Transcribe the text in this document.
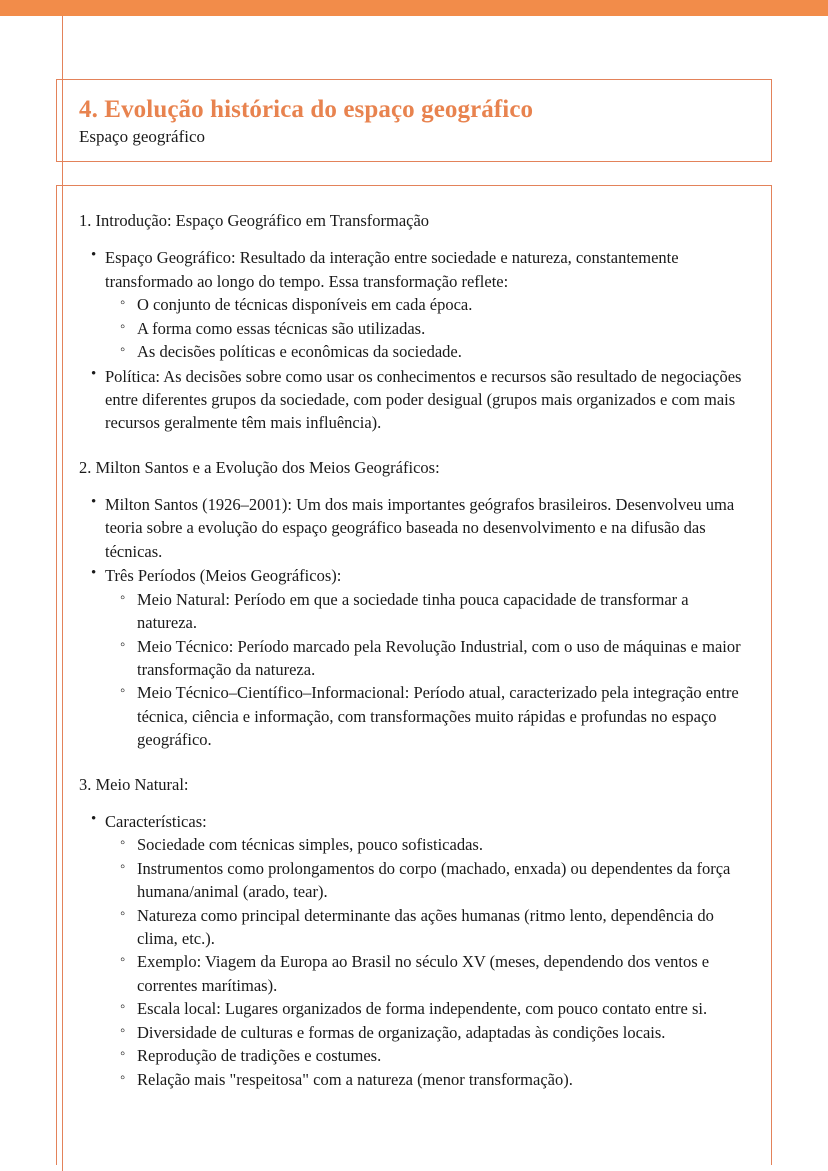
4. Evolução histórica do espaço geográfico
Espaço geográfico
1. Introdução: Espaço Geográfico em Transformação
• Espaço Geográfico: Resultado da interação entre sociedade e natureza, constantemente transformado ao longo do tempo. Essa transformação reflete:
◦ O conjunto de técnicas disponíveis em cada época.
◦ A forma como essas técnicas são utilizadas.
◦ As decisões políticas e econômicas da sociedade.
• Política: As decisões sobre como usar os conhecimentos e recursos são resultado de negociações entre diferentes grupos da sociedade, com poder desigual (grupos mais organizados e com mais recursos geralmente têm mais influência).
2. Milton Santos e a Evolução dos Meios Geográficos:
• Milton Santos (1926–2001): Um dos mais importantes geógrafos brasileiros. Desenvolveu uma teoria sobre a evolução do espaço geográfico baseada no desenvolvimento e na difusão das técnicas.
• Três Períodos (Meios Geográficos):
◦ Meio Natural: Período em que a sociedade tinha pouca capacidade de transformar a natureza.
◦ Meio Técnico: Período marcado pela Revolução Industrial, com o uso de máquinas e maior transformação da natureza.
◦ Meio Técnico–Científico–Informacional: Período atual, caracterizado pela integração entre técnica, ciência e informação, com transformações muito rápidas e profundas no espaço geográfico.
3. Meio Natural:
• Características:
◦ Sociedade com técnicas simples, pouco sofisticadas.
◦ Instrumentos como prolongamentos do corpo (machado, enxada) ou dependentes da força humana/animal (arado, tear).
◦ Natureza como principal determinante das ações humanas (ritmo lento, dependência do clima, etc.).
◦ Exemplo: Viagem da Europa ao Brasil no século XV (meses, dependendo dos ventos e correntes marítimas).
◦ Escala local: Lugares organizados de forma independente, com pouco contato entre si.
◦ Diversidade de culturas e formas de organização, adaptadas às condições locais.
◦ Reprodução de tradições e costumes.
◦ Relação mais "respeitosa" com a natureza (menor transformação).
